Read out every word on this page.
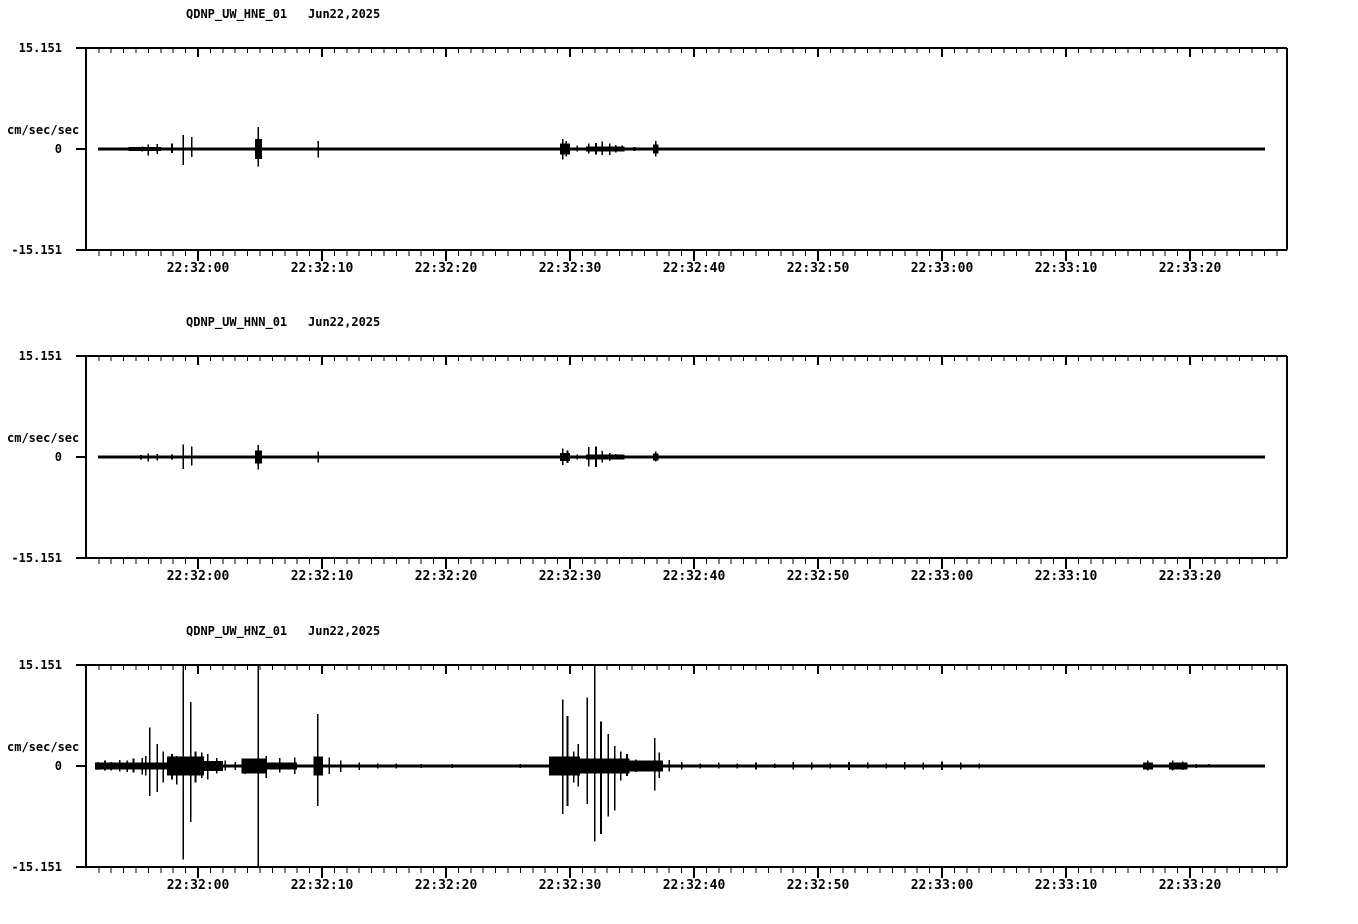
QDNP_UW_HNE_01

Jun22,2025

15.151
cm/sec/sec
0
-15.151

QDNP_UW_HNN_01

Jun22,2025

15.151
cm/sec/sec
0
-15.151

QDNP_UW_HNZ_01

Jun22,2025

15.151
cm/sec/sec
0
-15.151
22:32:00	22:32:10	22:32:20	22:32:30	22:32:40	22:32:50	22:33:00	22:33:10	22:33:20
22:32:00	22:32:10	22:32:20	22:32:30	22:32:40	22:32:50	22:33:00	22:33:10	22:33:20
22:32:00	22:32:10	22:32:20	22:32:30	22:32:40	22:32:50	22:33:00	22:33:10	22:33:20
